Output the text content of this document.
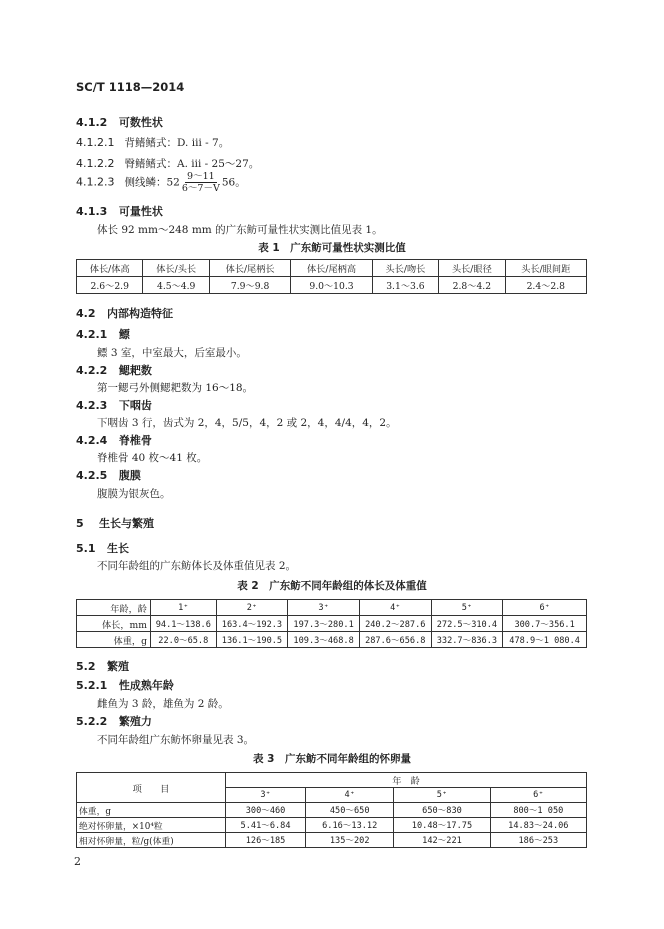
SC/T 1118—2014
4.1.2 可数性状
4.1.2.1 背鳍鳍式：D. ⅲ - 7。
4.1.2.2 臀鳍鳍式：A. ⅲ - 25～27。
4.1.2.3 侧线鳞：$52 \frac{9\sim 11}{6\sim 7-V} 56$。
4.1.3 可量性状
体长 92 mm～248 mm 的广东鲂可量性状实测比值见表 1。
表 1　广东鲂可量性状实测比值
体长/体高	体长/头长	体长/尾柄长	体长/尾柄高	头长/吻长	头长/眼径	头长/眼间距
2.6～2.9	4.5～4.9	7.9～9.8	9.0～10.3	3.1～3.6	2.8～4.2	2.4～2.8
4.2 内部构造特征
4.2.1 鳔
鳔 3 室，中室最大，后室最小。
4.2.2 鳃耙数
第一鳃弓外侧鳃耙数为 16～18。
4.2.3 下咽齿
下咽齿 3 行，齿式为 2，4，5/5，4，2 或 2，4，4/4，4，2。
4.2.4 脊椎骨
脊椎骨 40 枚～41 枚。
4.2.5 腹膜
腹膜为银灰色。
5 生长与繁殖
5.1 生长
不同年龄组的广东鲂体长及体重值见表 2。
表 2　广东鲂不同年龄组的体长及体重值
年龄，龄	1⁺	2⁺	3⁺	4⁺	5⁺	6⁺
体长，mm	94.1～138.6	163.4～192.3	197.3～280.1	240.2～287.6	272.5～310.4	300.7～356.1
体重，g	22.0～65.8	136.1～190.5	109.3～468.8	287.6～656.8	332.7～836.3	478.9～1 080.4
5.2 繁殖
5.2.1 性成熟年龄
雌鱼为 3 龄，雄鱼为 2 龄。
5.2.2 繁殖力
不同年龄组广东鲂怀卵量见表 3。
表 3　广东鲂不同年龄组的怀卵量
项　　目	年　龄			
	3⁺	4⁺	5⁺	6⁺
体重，g	300～460	450～650	650～830	800～1 050
绝对怀卵量，×10⁴粒	5.41～6.84	6.16～13.12	10.48～17.75	14.83～24.06
相对怀卵量，粒/g(体重)	126～185	135～202	142～221	186～253
2
